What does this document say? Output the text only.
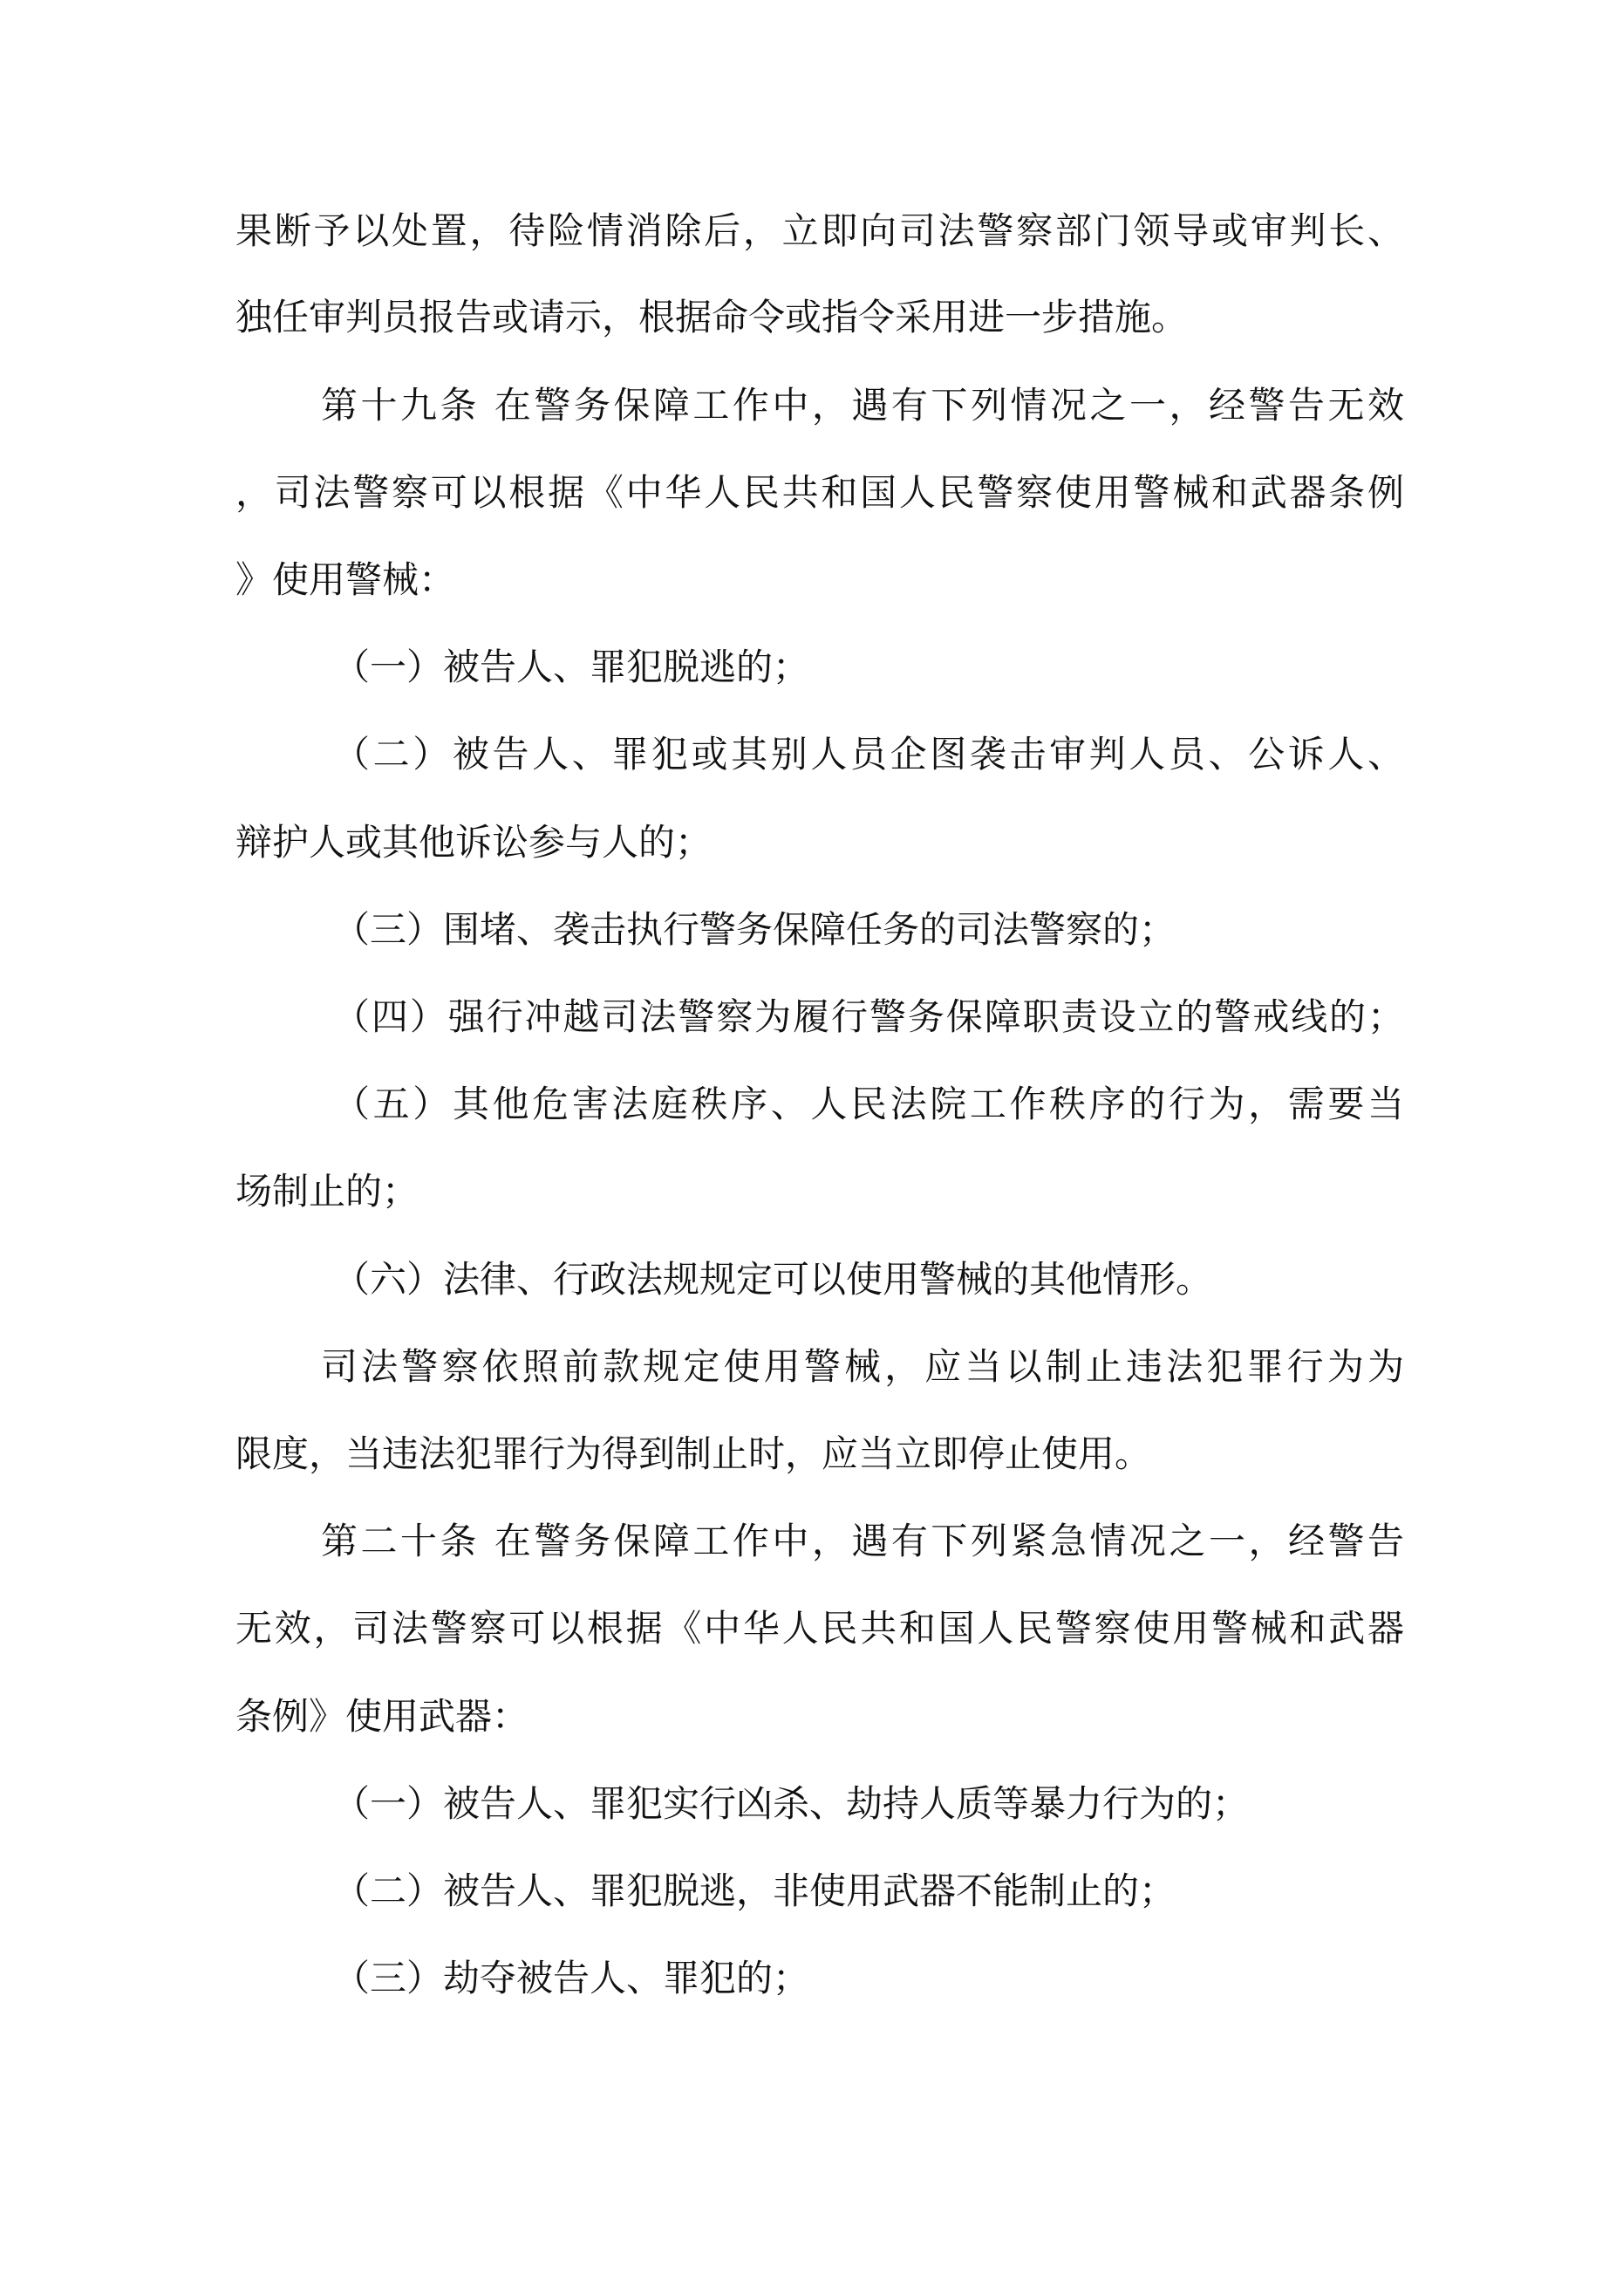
果断予以处置，待险情消除后，立即向司法警察部门领导或审判长、
独任审判员报告或请示，根据命令或指令采用进一步措施。
第十九条 在警务保障工作中，遇有下列情况之一，经警告无效
，司法警察可以根据《中华人民共和国人民警察使用警械和武器条例
》使用警械：
（一）被告人、罪犯脱逃的；
（二）被告人、罪犯或其别人员企图袭击审判人员、公诉人、
辩护人或其他诉讼参与人的；
（三）围堵、袭击执行警务保障任务的司法警察的；
（四）强行冲越司法警察为履行警务保障职责设立的警戒线的；
（五）其他危害法庭秩序、人民法院工作秩序的行为，需要当
场制止的；
（六）法律、行政法规规定可以使用警械的其他情形。
司法警察依照前款规定使用警械，应当以制止违法犯罪行为为
限度，当违法犯罪行为得到制止时，应当立即停止使用。
第二十条 在警务保障工作中，遇有下列紧急情况之一，经警告
无效，司法警察可以根据《中华人民共和国人民警察使用警械和武器
条例》使用武器：
（一）被告人、罪犯实行凶杀、劫持人质等暴力行为的；
（二）被告人、罪犯脱逃，非使用武器不能制止的；
（三）劫夺被告人、罪犯的；
